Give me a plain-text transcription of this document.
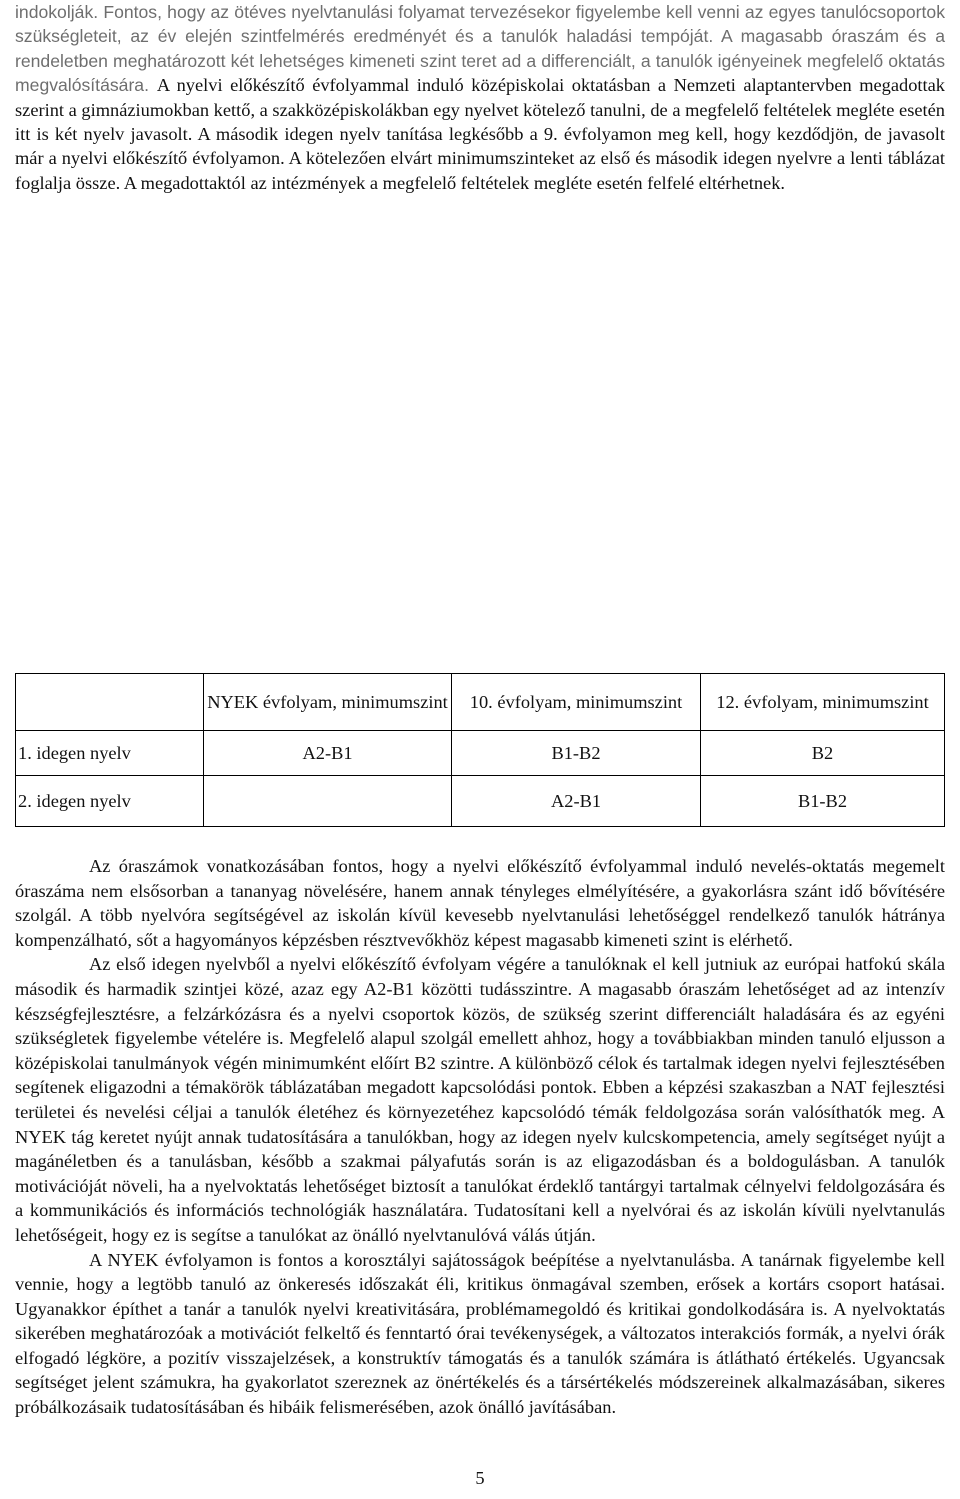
indokolják. Fontos, hogy az ötéves nyelvtanulási folyamat tervezésekor figyelembe kell venni az egyes tanulócsoportok szükségleteit, az év elején szintfelmérés eredményét és a tanulók haladási tempóját. A magasabb óraszám és a rendeletben meghatározott két lehetséges kimeneti szint teret ad a differenciált, a tanulók igényeinek megfelelő oktatás megvalósítására. A nyelvi előkészítő évfolyammal induló középiskolai oktatásban a Nemzeti alaptantervben megadottak szerint a gimnáziumokban kettő, a szakközépiskolákban egy nyelvet kötelező tanulni, de a megfelelő feltételek megléte esetén itt is két nyelv javasolt. A második idegen nyelv tanítása legkésőbb a 9. évfolyamon meg kell, hogy kezdődjön, de javasolt már a nyelvi előkészítő évfolyamon. A kötelezően elvárt minimumszinteket az első és második idegen nyelvre a lenti táblázat foglalja össze. A megadottaktól az intézmények a megfelelő feltételek megléte esetén felfelé eltérhetnek.

	NYEK évfolyam, minimumszint	10. évfolyam, minimumszint	12. évfolyam, minimumszint
1. idegen nyelv	A2-B1	B1-B2	B2
2. idegen nyelv		A2-B1	B1-B2

Az óraszámok vonatkozásában fontos, hogy a nyelvi előkészítő évfolyammal induló nevelés-oktatás megemelt óraszáma nem elsősorban a tananyag növelésére, hanem annak tényleges elmélyítésére, a gyakorlásra szánt idő bővítésére szolgál. A több nyelvóra segítségével az iskolán kívül kevesebb nyelvtanulási lehetőséggel rendelkező tanulók hátránya kompenzálható, sőt a hagyományos képzésben résztvevőkhöz képest magasabb kimeneti szint is elérhető.

Az első idegen nyelvből a nyelvi előkészítő évfolyam végére a tanulóknak el kell jutniuk az európai hatfokú skála második és harmadik szintjei közé, azaz egy A2-B1 közötti tudásszintre. A magasabb óraszám lehetőséget ad az intenzív készségfejlesztésre, a felzárkózásra és a nyelvi csoportok közös, de szükség szerint differenciált haladására és az egyéni szükségletek figyelembe vételére is. Megfelelő alapul szolgál emellett ahhoz, hogy a továbbiakban minden tanuló eljusson a középiskolai tanulmányok végén minimumként előírt B2 szintre. A különböző célok és tartalmak idegen nyelvi fejlesztésében segítenek eligazodni a témakörök táblázatában megadott kapcsolódási pontok. Ebben a képzési szakaszban a NAT fejlesztési területei és nevelési céljai a tanulók életéhez és környezetéhez kapcsolódó témák feldolgozása során valósíthatók meg. A NYEK tág keretet nyújt annak tudatosítására a tanulókban, hogy az idegen nyelv kulcskompetencia, amely segítséget nyújt a magánéletben és a tanulásban, később a szakmai pályafutás során is az eligazodásban és a boldogulásban. A tanulók motivációját növeli, ha a nyelvoktatás lehetőséget biztosít a tanulókat érdeklő tantárgyi tartalmak célnyelvi feldolgozására és a kommunikációs és információs technológiák használatára. Tudatosítani kell a nyelvórai és az iskolán kívüli nyelvtanulás lehetőségeit, hogy ez is segítse a tanulókat az önálló nyelvtanulóvá válás útján.

A NYEK évfolyamon is fontos a korosztályi sajátosságok beépítése a nyelvtanulásba. A tanárnak figyelembe kell vennie, hogy a legtöbb tanuló az önkeresés időszakát éli, kritikus önmagával szemben, erősek a kortárs csoport hatásai. Ugyanakkor építhet a tanár a tanulók nyelvi kreativitására, problémamegoldó és kritikai gondolkodására is. A nyelvoktatás sikerében meghatározóak a motivációt felkeltő és fenntartó órai tevékenységek, a változatos interakciós formák, a nyelvi órák elfogadó légköre, a pozitív visszajelzések, a konstruktív támogatás és a tanulók számára is átlátható értékelés. Ugyancsak segítséget jelent számukra, ha gyakorlatot szereznek az önértékelés és a társértékelés módszereinek alkalmazásában, sikeres próbálkozásaik tudatosításában és hibáik felismerésében, azok önálló javításában.

5
